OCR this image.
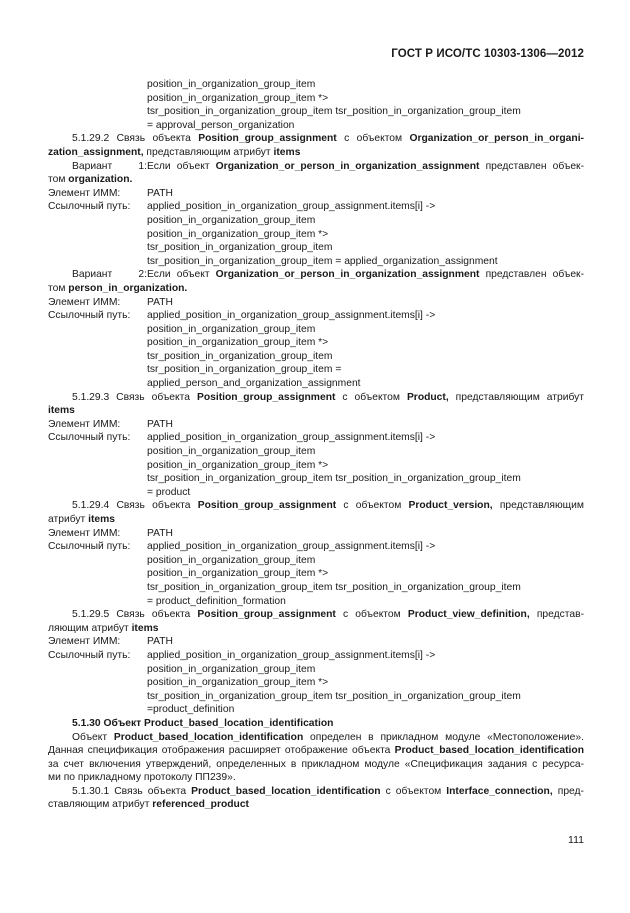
ГОСТ Р ИСО/ТС 10303-1306—2012
position_in_organization_group_item
position_in_organization_group_item *>
tsr_position_in_organization_group_item tsr_position_in_organization_group_item
= approval_person_organization
5.1.29.2 Связь объекта Position_group_assignment с объектом Organization_or_person_in_organi-
zation_assignment, представляющим атрибут items
Вариант 1:Если объект Organization_or_person_in_organization_assignment представлен объек-
том organization.
Элемент ИММ:	PATH
Ссылочный путь: applied_position_in_organization_group_assignment.items[i] ->
position_in_organization_group_item
position_in_organization_group_item *>
tsr_position_in_organization_group_item
tsr_position_in_organization_group_item = applied_organization_assignment
Вариант 2:Если объект Organization_or_person_in_organization_assignment представлен объек-
том person_in_organization.
Элемент ИММ:	PATH
Ссылочный путь: applied_position_in_organization_group_assignment.items[i] ->
position_in_organization_group_item
position_in_organization_group_item *>
tsr_position_in_organization_group_item
tsr_position_in_organization_group_item =
applied_person_and_organization_assignment
5.1.29.3 Связь объекта Position_group_assignment с объектом Product, представляющим атрибут
items
Элемент ИММ:	PATH
Ссылочный путь: applied_position_in_organization_group_assignment.items[i] ->
position_in_organization_group_item
position_in_organization_group_item *>
tsr_position_in_organization_group_item tsr_position_in_organization_group_item
= product
5.1.29.4 Связь объекта Position_group_assignment с объектом Product_version, представляющим
атрибут items
Элемент ИММ:	PATH
Ссылочный путь: applied_position_in_organization_group_assignment.items[i] ->
position_in_organization_group_item
position_in_organization_group_item *>
tsr_position_in_organization_group_item tsr_position_in_organization_group_item
= product_definition_formation
5.1.29.5 Связь объекта Position_group_assignment с объектом Product_view_definition, представ-
ляющим атрибут items
Элемент ИММ:	PATH
Ссылочный путь: applied_position_in_organization_group_assignment.items[i] ->
position_in_organization_group_item
position_in_organization_group_item *>
tsr_position_in_organization_group_item tsr_position_in_organization_group_item
=product_definition
5.1.30 Объект Product_based_location_identification
Объект Product_based_location_identification определен в прикладном модуле «Местоположение».
Данная спецификация отображения расширяет отображение объекта Product_based_location_identification
за счет включения утверждений, определенных в прикладном модуле «Спецификация задания с ресурса-
ми по прикладному протоколу ПП239».
5.1.30.1 Связь объекта Product_based_location_identification с объектом Interface_connection, пред-
ставляющим атрибут referenced_product
111
